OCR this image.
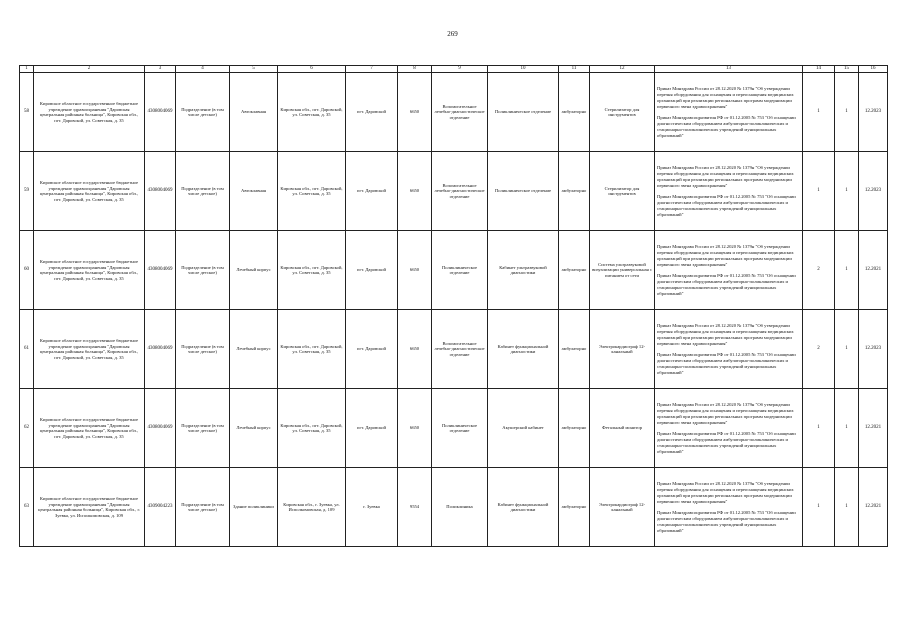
269
1	2	3	4	5	6	7	8	9	10	11	12	13	14	15	16
58	Кировское областное государственное бюджетное учреждение здравоохранения "Даровская центральная районная больница", Кировская обл., пгт. Даровской, ул. Советская, д. 35	4308004069	Подразделение (в том числе детское)	Автоклавная	Кировская обл., пгт. Даровской, ул. Советская, д. 35	пгт. Даровской	6650	Вспомогательное лечебно-диагностическое отделение	Поликлиническое отделение	амбулаторно	Стерилизатор для инструментов	Приказ Минздрава России от 28.12.2020 № 1379н "Об утверждении перечня оборудования для оснащения и переоснащения медицинских организаций при реализации региональных программ модернизации первичного звена здравоохранения"

Приказ Минздравсоцразвития РФ от 01.12.2005 № 753 "Об оснащении диагностическим оборудованием амбулаторно-поликлинических и стационарно-поликлинических учреждений муниципальных образований"	1	1	12.2023
59	Кировское областное государственное бюджетное учреждение здравоохранения "Даровская центральная районная больница", Кировская обл., пгт. Даровской, ул. Советская, д. 35	4308004069	Подразделение (в том числе детское)	Автоклавная	Кировская обл., пгт. Даровской, ул. Советская, д. 35	пгт. Даровской	6650	Вспомогательное лечебно-диагностическое отделение	Поликлиническое отделение	амбулаторно	Стерилизатор для инструментов	Приказ Минздрава России от 28.12.2020 № 1379н "Об утверждении перечня оборудования для оснащения и переоснащения медицинских организаций при реализации региональных программ модернизации первичного звена здравоохранения"

Приказ Минздравсоцразвития РФ от 01.12.2005 № 753 "Об оснащении диагностическим оборудованием амбулаторно-поликлинических и стационарно-поликлинических учреждений муниципальных образований"	1	1	12.2023
60	Кировское областное государственное бюджетное учреждение здравоохранения "Даровская центральная районная больница", Кировская обл., пгт. Даровской, ул. Советская, д. 35	4308004069	Подразделение (в том числе детское)	Лечебный корпус	Кировская обл., пгт. Даровской, ул. Советская, д. 35	пгт. Даровской	6650	Поликлиническое отделение	Кабинет ультразвуковой диагностики	амбулаторно	Система ультразвуковой визуализации универсальная с питанием от сети	Приказ Минздрава России от 28.12.2020 № 1379н "Об утверждении перечня оборудования для оснащения и переоснащения медицинских организаций при реализации региональных программ модернизации первичного звена здравоохранения"

Приказ Минздравсоцразвития РФ от 01.12.2005 № 753 "Об оснащении диагностическим оборудованием амбулаторно-поликлинических и стационарно-поликлинических учреждений муниципальных образований"	2	1	12.2021
61	Кировское областное государственное бюджетное учреждение здравоохранения "Даровская центральная районная больница", Кировская обл., пгт. Даровской, ул. Советская, д. 35	4308004069	Подразделение (в том числе детское)	Лечебный корпус	Кировская обл., пгт. Даровской, ул. Советская, д. 35	пгт. Даровской	6650	Вспомогательное лечебно-диагностическое отделение	Кабинет функциональной диагностики	амбулаторно	Электрокардиограф 12-канальный	Приказ Минздрава России от 28.12.2020 № 1379н "Об утверждении перечня оборудования для оснащения и переоснащения медицинских организаций при реализации региональных программ модернизации первичного звена здравоохранения"

Приказ Минздравсоцразвития РФ от 01.12.2005 № 753 "Об оснащении диагностическим оборудованием амбулаторно-поликлинических и стационарно-поликлинических учреждений муниципальных образований"	2	1	12.2023
62	Кировское областное государственное бюджетное учреждение здравоохранения "Даровская центральная районная больница", Кировская обл., пгт. Даровской, ул. Советская, д. 35	4308004069	Подразделение (в том числе детское)	Лечебный корпус	Кировская обл., пгт. Даровской, ул. Советская, д. 35	пгт. Даровской	6650	Поликлиническое отделение	Акушерский кабинет	амбулаторно	Фетальный монитор	Приказ Минздрава России от 28.12.2020 № 1379н "Об утверждении перечня оборудования для оснащения и переоснащения медицинских организаций при реализации региональных программ модернизации первичного звена здравоохранения"

Приказ Минздравсоцразвития РФ от 01.12.2005 № 753 "Об оснащении диагностическим оборудованием амбулаторно-поликлинических и стационарно-поликлинических учреждений муниципальных образований"	1	1	12.2021
63	Кировское областное государственное бюджетное учреждение здравоохранения "Даровская центральная районная больница", Кировская обл., г. Зуевка, ул. Исполкомовская, д. 109	4309004223	Подразделение (в том числе детское)	Здание поликлиники	Кировская обл., г. Зуевка, ул. Исполкомовская, д. 109	г. Зуевка	9554	Поликлиника	Кабинет функциональной диагностики	амбулаторно	Электрокардиограф 12-канальный	Приказ Минздрава России от 28.12.2020 № 1379н "Об утверждении перечня оборудования для оснащения и переоснащения медицинских организаций при реализации региональных программ модернизации первичного звена здравоохранения"

Приказ Минздравсоцразвития РФ от 01.12.2005 № 753 "Об оснащении диагностическим оборудованием амбулаторно-поликлинических и стационарно-поликлинических учреждений муниципальных образований"	1	1	12.2021
